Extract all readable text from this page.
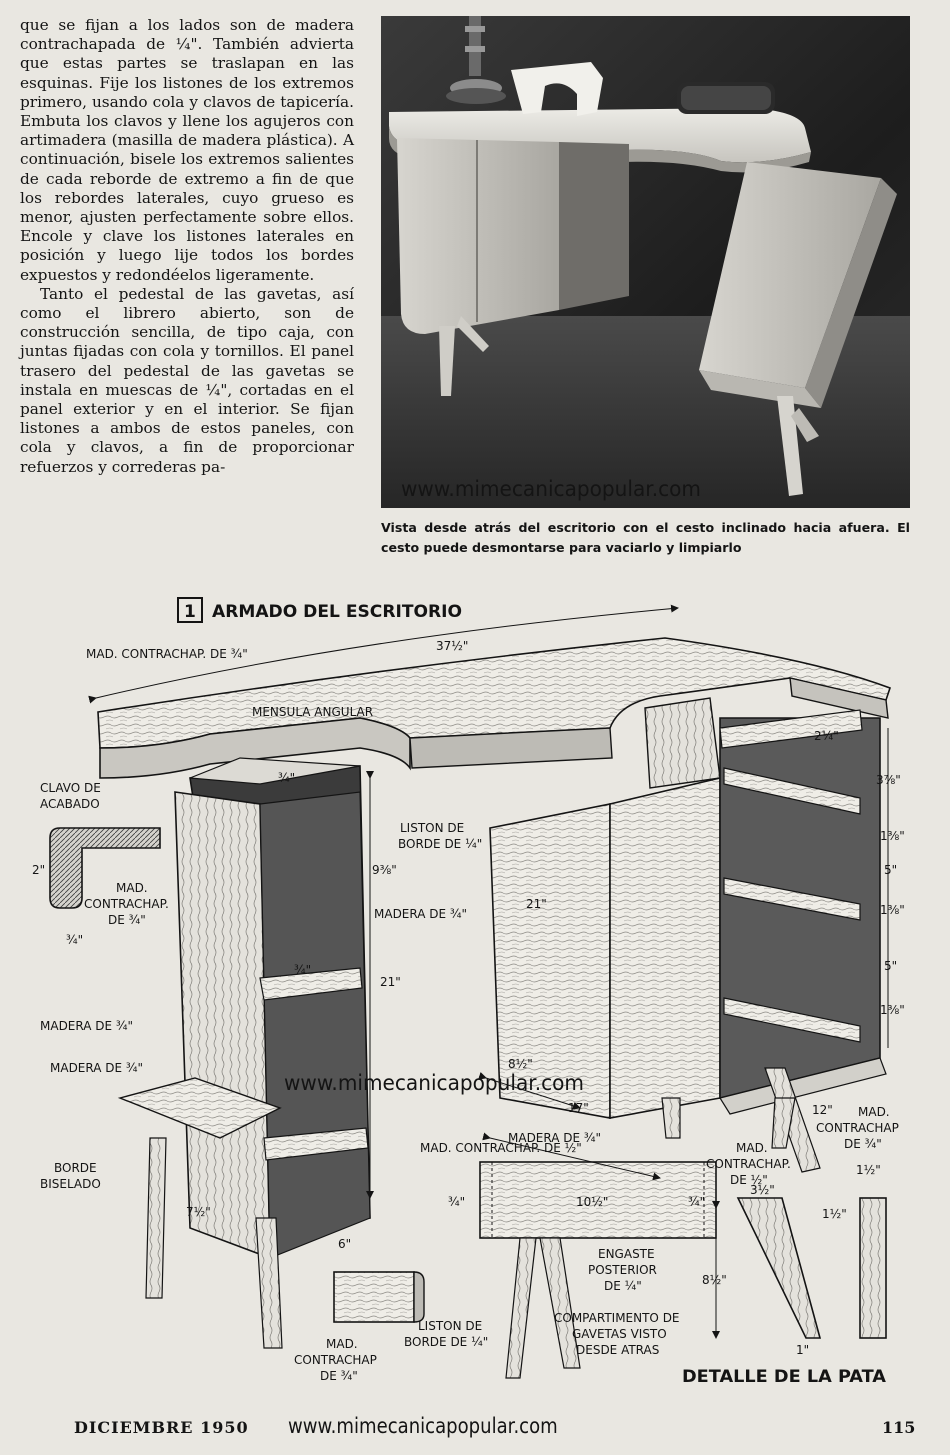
que se fijan a los lados son de madera contrachapada de ¼". También advierta que estas partes se traslapan en las esquinas. Fije los listones de los extremos primero, usando cola y clavos de tapicería. Embuta los clavos y llene los agujeros con artimadera (masilla de madera plástica). A continuación, bisele los extremos salientes de cada reborde de extremo a fin de que los rebordes laterales, cuyo grueso es menor, ajusten perfectamente sobre ellos. Encole y clave los listones laterales en posición y luego lije todos los bordes expuestos y redondéelos ligeramente.

Tanto el pedestal de las gavetas, así como el librero abierto, son de construcción sencilla, de tipo caja, con juntas fijadas con cola y tornillos. El panel trasero del pedestal de las gavetas se instala en muescas de ¼", cortadas en el panel exterior y en el interior. Se fijan listones a ambos de estos paneles, con cola y clavos, a fin de proporcionar refuerzos y correderas pa-

www.mimecanicapopular.com
Vista desde atrás del escritorio con el cesto inclinado hacia afuera. El cesto puede desmontarse para vaciarlo y limpiarlo
1 ARMADO DEL ESCRITORIO
37½"
MAD. CONTRACHAP. DE ¾"
MENSULA ANGULAR
CLAVO DE
ACABADO
¾"
2"
¾"
MAD.
CONTRACHAP.
DE ¾"
LISTON DE
BORDE DE ¼"
9⅜"
MADERA DE ¾"
21"
21"
¾"
MADERA DE ¾"
MADERA DE ¾"
BORDE
BISELADO
7½"
6"
2¼"
3⅞"
1⅜"
5"
1⅜"
5"
1⅜"
8½"
17"
MADERA DE ¾"
12" MAD.
CONTRACHAP
DE ¾"
MAD.
CONTRACHAP.
DE ½"
MAD. CONTRACHAP. DE ½"
¾"	10½"	¾"
ENGASTE
POSTERIOR
DE ¼"
COMPARTIMENTO DE
GAVETAS VISTO
DESDE ATRAS
3½"
1½"
1½"
8½"
1"
DETALLE DE LA PATA
MAD.
CONTRACHAP
DE ¾"
LISTON DE
BORDE DE ¼"
www.mimecanicapopular.com
DICIEMBRE 1950 www.mimecanicapopular.com	115
